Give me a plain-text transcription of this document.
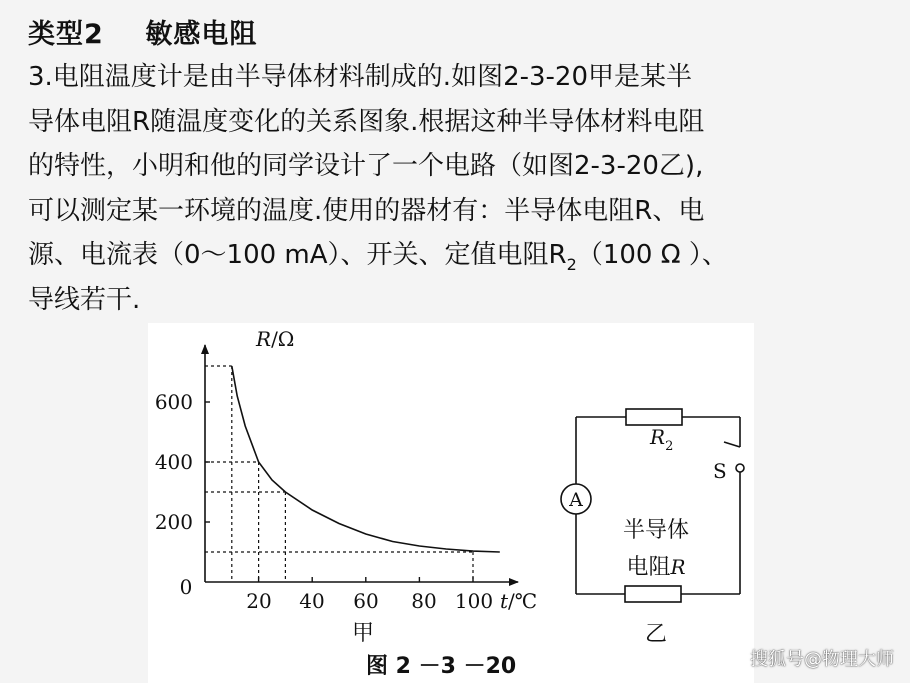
类型2    敏感电阻
3.电阻温度计是由半导体材料制成的.如图2-3-20甲是某半
导体电阻R随温度变化的关系图象.根据这种半导体材料电阻
的特性，小明和他的同学设计了一个电路（如图2-3-20乙),
可以测定某一环境的温度.使用的器材有：半导体电阻R、电
源、电流表（0～100 mA）、开关、定值电阻$R_2(100$ Ω ）、
导线若干.
R/Ω
600
400
200
0
20 40 60 80 100 t/℃
甲
A
$R_2$
S
半导体
电阻R
乙
图 2 －3 －20	搜狐号@物理大师
